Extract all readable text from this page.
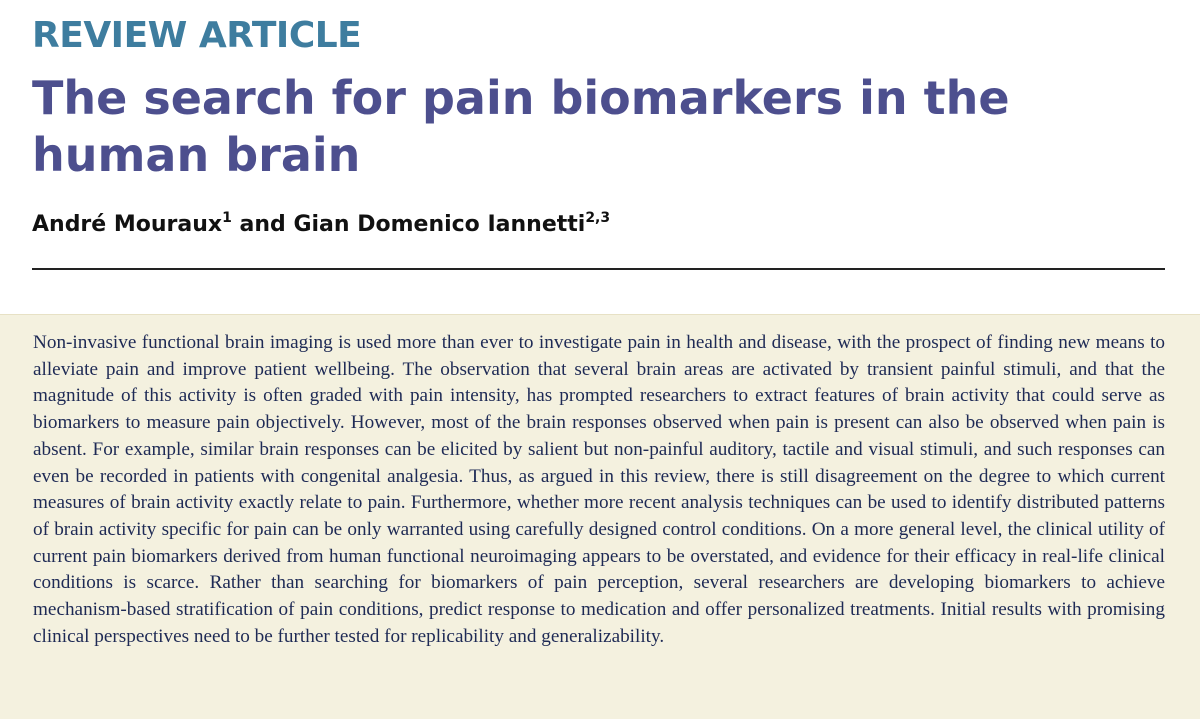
REVIEW ARTICLE
The search for pain biomarkers in the human brain
André Mouraux$^1$ and Gian Domenico Iannetti$^{2,3}$

Non-invasive functional brain imaging is used more than ever to investigate pain in health and disease, with the prospect of finding new means to alleviate pain and improve patient wellbeing. The observation that several brain areas are activated by transient painful stimuli, and that the magnitude of this activity is often graded with pain intensity, has prompted researchers to extract features of brain activity that could serve as biomarkers to measure pain objectively. However, most of the brain responses observed when pain is present can also be observed when pain is absent. For example, similar brain responses can be elicited by salient but non-painful auditory, tactile and visual stimuli, and such responses can even be recorded in patients with congenital analgesia. Thus, as argued in this review, there is still disagreement on the degree to which current measures of brain activity exactly relate to pain. Furthermore, whether more recent analysis techniques can be used to identify distributed patterns of brain activity specific for pain can be only warranted using carefully designed control conditions. On a more general level, the clinical utility of current pain biomarkers derived from human functional neuroimaging appears to be overstated, and evidence for their efficacy in real-life clinical conditions is scarce. Rather than searching for biomarkers of pain perception, several researchers are developing biomarkers to achieve mechanism-based stratification of pain conditions, predict response to medication and offer personalized treatments. Initial results with promising clinical perspectives need to be further tested for replicability and generalizability.
